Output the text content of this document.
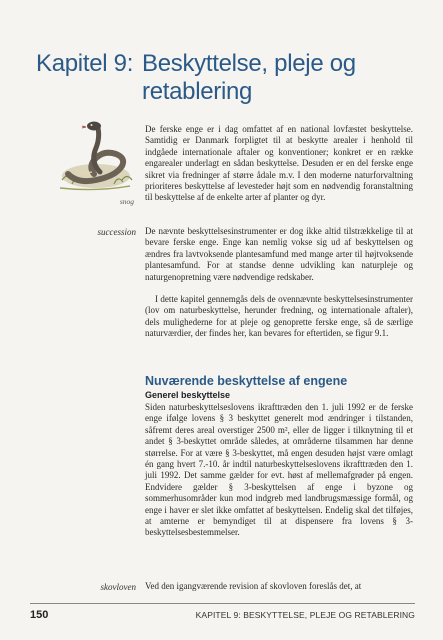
Kapitel 9: Beskyttelse, pleje og retablering
snog

De ferske enge er i dag omfattet af en national lovfæstet beskyttelse. Samtidig er Danmark forpligtet til at beskytte arealer i henhold til indgåede internationale aftaler og konventioner; konkret er en række engarealer underlagt en sådan beskyttelse. Desuden er en del ferske enge sikret via fredninger af større ådale m.v. I den moderne naturforvaltning prioriteres beskyttelse af levesteder højt som en nødvendig foranstaltning til beskyttelse af de enkelte arter af planter og dyr.

succession De nævnte beskyttelsesinstrumenter er dog ikke altid tilstrækkelige til at bevare ferske enge. Enge kan nemlig vokse sig ud af beskyttelsen og ændres fra lavtvoksende plantesamfund med mange arter til højtvoksende plantesamfund. For at standse denne udvikling kan naturpleje og naturgenopretning være nødvendige redskaber.

I dette kapitel gennemgås dels de ovennævnte beskyttelsesinstrumenter (lov om naturbeskyttelse, herunder fredning, og internationale aftaler), dels mulighederne for at pleje og genoprette ferske enge, så de særlige naturværdier, der findes her, kan bevares for eftertiden, se figur 9.1.

Nuværende beskyttelse af engene
Generel beskyttelse

Siden naturbeskyttelseslovens ikrafttræden den 1. juli 1992 er de ferske enge ifølge lovens § 3 beskyttet generelt mod ændringer i tilstanden, såfremt deres areal overstiger 2500 m², eller de ligger i tilknytning til et andet § 3-beskyttet område således, at områderne tilsammen har denne størrelse. For at være § 3-beskyttet, må engen desuden højst være omlagt én gang hvert 7.-10. år indtil naturbeskyttelseslovens ikrafttræden den 1. juli 1992. Det samme gælder for evt. høst af mellemafgrøder på engen. Endvidere gælder § 3-beskyttelsen af enge i byzone og sommerhusområder kun mod indgreb med landbrugsmæssige formål, og enge i haver er slet ikke omfattet af beskyttelsen. Endelig skal det tilføjes, at amterne er bemyndiget til at dispensere fra lovens § 3-beskyttelsesbestemmelser.

skovloven Ved den igangværende revision af skovloven foreslås det, at

150	KAPITEL 9: BESKYTTELSE, PLEJE OG RETABLERING
